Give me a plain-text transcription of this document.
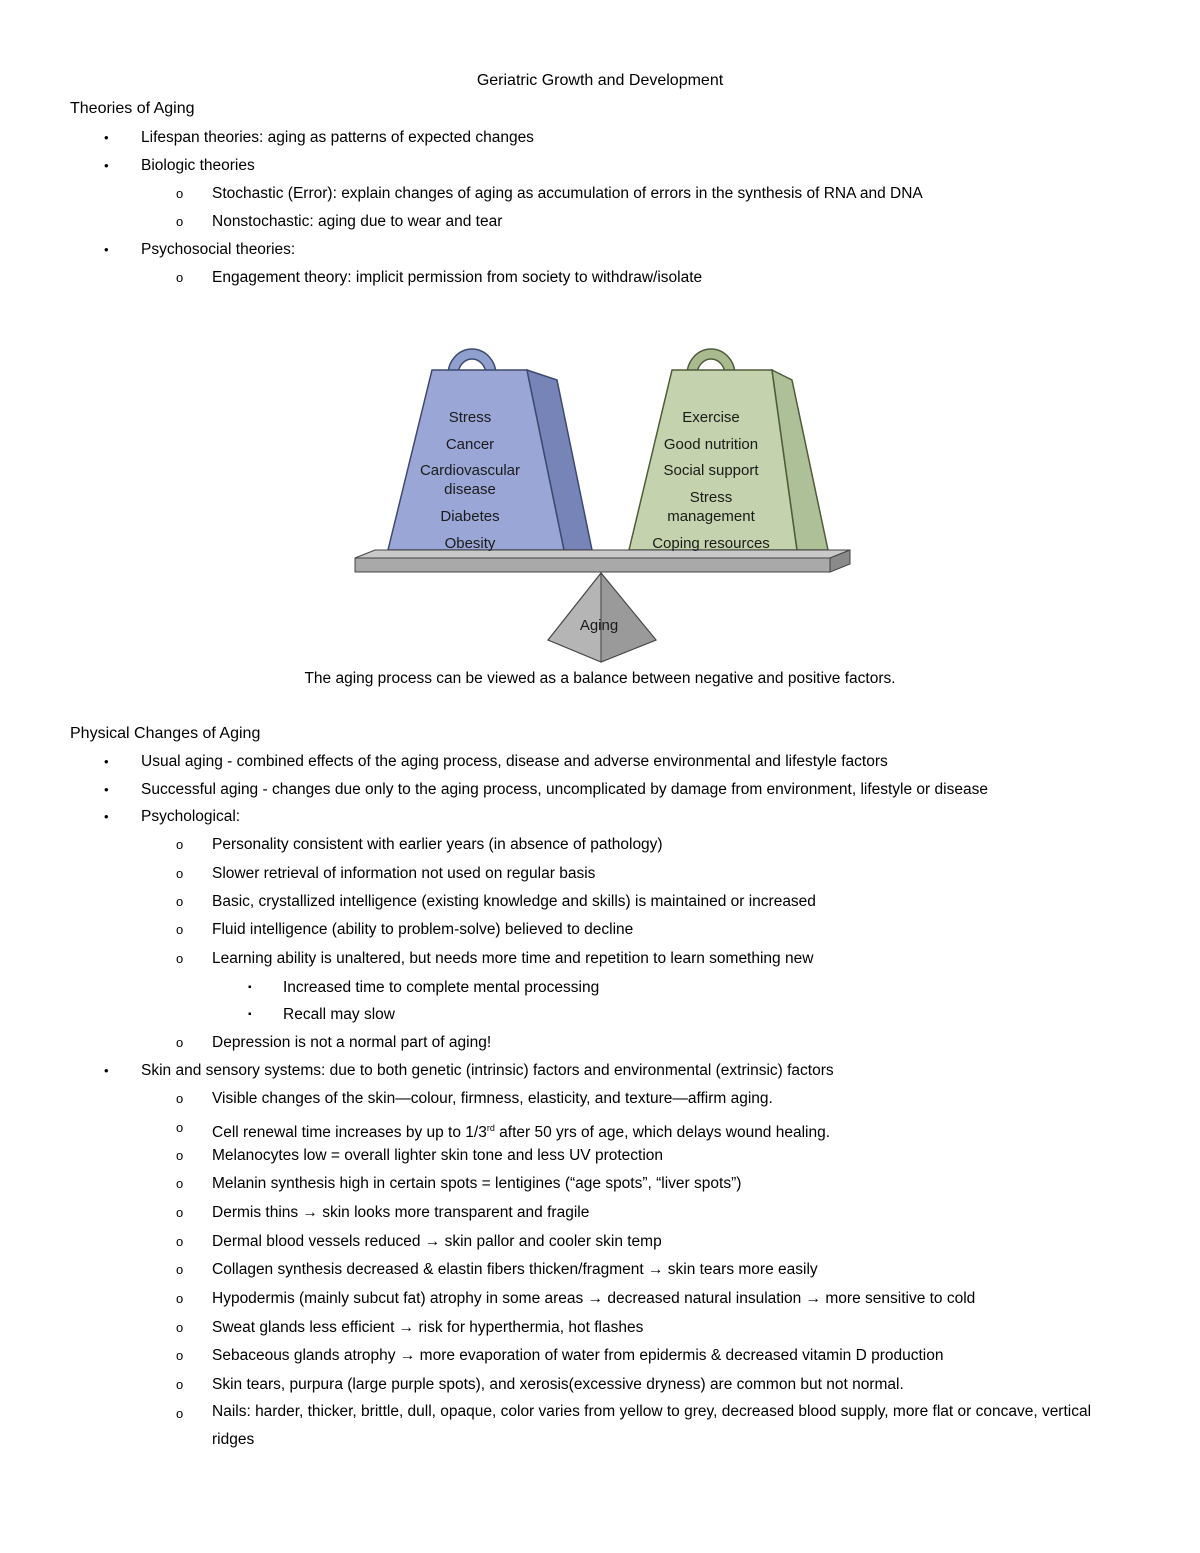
Geriatric Growth and Development
Theories of Aging
• Lifespan theories: aging as patterns of expected changes
• Biologic theories
o Stochastic (Error): explain changes of aging as accumulation of errors in the synthesis of RNA and DNA
o Nonstochastic: aging due to wear and tear
• Psychosocial theories:
o Engagement theory: implicit permission from society to withdraw/isolate
Stress
Cancer
Cardiovascular
disease
Diabetes
Obesity
Exercise
Good nutrition
Social support
Stress
management
Coping resources
Aging
The aging process can be viewed as a balance between negative and positive factors.
Physical Changes of Aging
• Usual aging - combined effects of the aging process, disease and adverse environmental and lifestyle factors
• Successful aging - changes due only to the aging process, uncomplicated by damage from environment, lifestyle or disease
• Psychological:
o Personality consistent with earlier years (in absence of pathology)
o Slower retrieval of information not used on regular basis
o Basic, crystallized intelligence (existing knowledge and skills) is maintained or increased
o Fluid intelligence (ability to problem-solve) believed to decline
o Learning ability is unaltered, but needs more time and repetition to learn something new
▪ Increased time to complete mental processing
▪ Recall may slow
o Depression is not a normal part of aging!
• Skin and sensory systems: due to both genetic (intrinsic) factors and environmental (extrinsic) factors
o Visible changes of the skin—colour, firmness, elasticity, and texture—affirm aging.
o Cell renewal time increases by up to 1/3rd after 50 yrs of age, which delays wound healing.
o Melanocytes low = overall lighter skin tone and less UV protection
o Melanin synthesis high in certain spots = lentigines (“age spots”, “liver spots”)
o Dermis thins → skin looks more transparent and fragile
o Dermal blood vessels reduced → skin pallor and cooler skin temp
o Collagen synthesis decreased & elastin fibers thicken/fragment → skin tears more easily
o Hypodermis (mainly subcut fat) atrophy in some areas → decreased natural insulation → more sensitive to cold
o Sweat glands less efficient → risk for hyperthermia, hot flashes
o Sebaceous glands atrophy → more evaporation of water from epidermis & decreased vitamin D production
o Skin tears, purpura (large purple spots), and xerosis(excessive dryness) are common but not normal.
o Nails: harder, thicker, brittle, dull, opaque, color varies from yellow to grey, decreased blood supply, more flat or concave, vertical ridges
